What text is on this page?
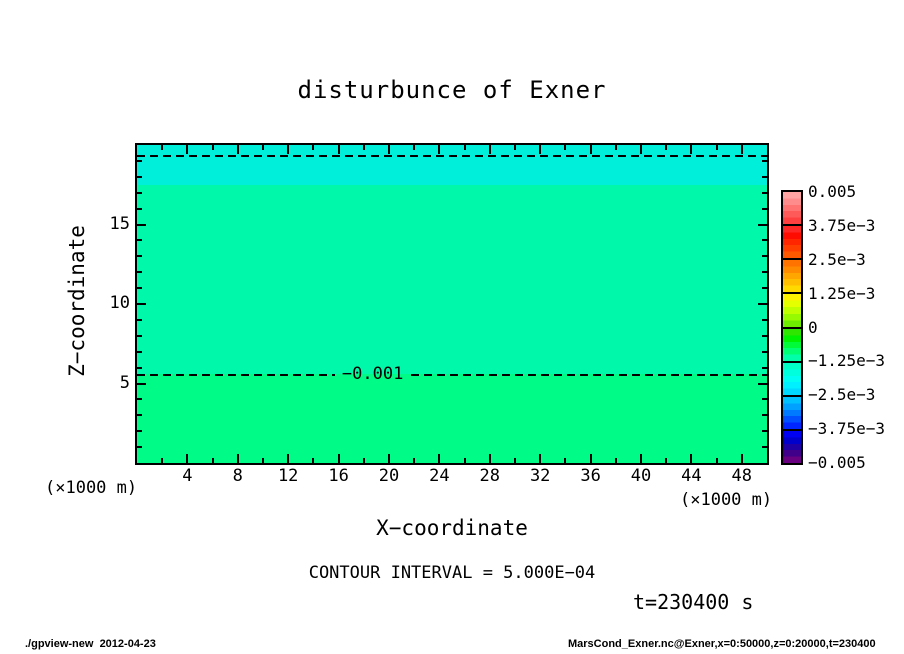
disturbunce of Exner
Z−coordinate	−0.001
(×1000 m)
(×1000 m)
X−coordinate
CONTOUR INTERVAL = 5.000E−04
t=230400 s
./gpview-new  2012-04-23	MarsCond_Exner.nc@Exner,x=0:50000,z=0:20000,t=230400
4	8	12	16	20	24	28	32	36	40	44	48
5
10
15
0.005
3.75e−3
2.5e−3
1.25e−3
0
−1.25e−3
−2.5e−3
−3.75e−3
−0.005
